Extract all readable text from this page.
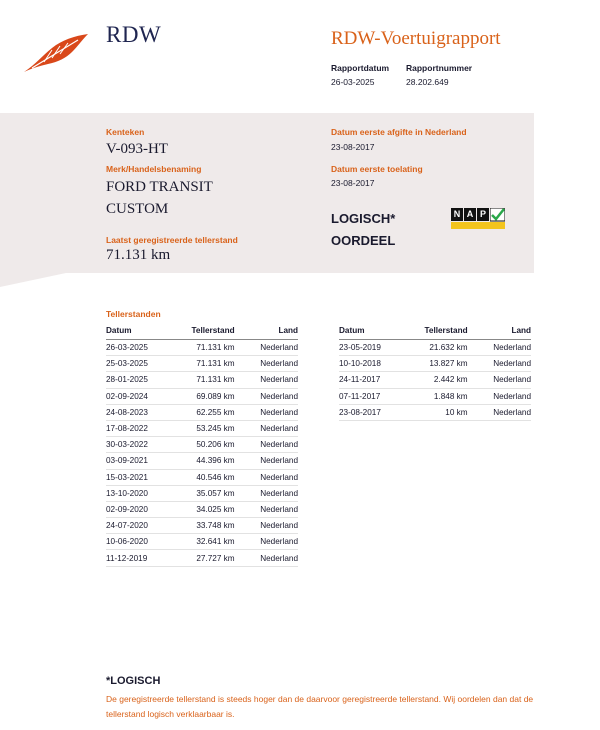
RDW	RDW-Voertuigrapport
Rapportdatum Rapportnummer
26-03-2025	28.202.649
Kenteken
V-093-HT
Merk/Handelsbenaming
FORD TRANSIT
CUSTOM
Laatst geregistreerde tellerstand
71.131 km
Datum eerste afgifte in Nederland
23-08-2017
Datum eerste toelating
23-08-2017
LOGISCH*
OORDEEL
N A P
Tellerstanden
Datum	Tellerstand	Land
26-03-2025	71.131 km	Nederland
25-03-2025	71.131 km	Nederland
28-01-2025	71.131 km	Nederland
02-09-2024	69.089 km	Nederland
24-08-2023	62.255 km	Nederland
17-08-2022	53.245 km	Nederland
30-03-2022	50.206 km	Nederland
03-09-2021	44.396 km	Nederland
15-03-2021	40.546 km	Nederland
13-10-2020	35.057 km	Nederland
02-09-2020	34.025 km	Nederland
24-07-2020	33.748 km	Nederland
10-06-2020	32.641 km	Nederland
11-12-2019	27.727 km	Nederland
Datum	Tellerstand	Land
23-05-2019	21.632 km	Nederland
10-10-2018	13.827 km	Nederland
24-11-2017	2.442 km	Nederland
07-11-2017	1.848 km	Nederland
23-08-2017	10 km	Nederland
*LOGISCH
De geregistreerde tellerstand is steeds hoger dan de daarvoor geregistreerde tellerstand. Wij oordelen dan dat de tellerstand logisch verklaarbaar is.
